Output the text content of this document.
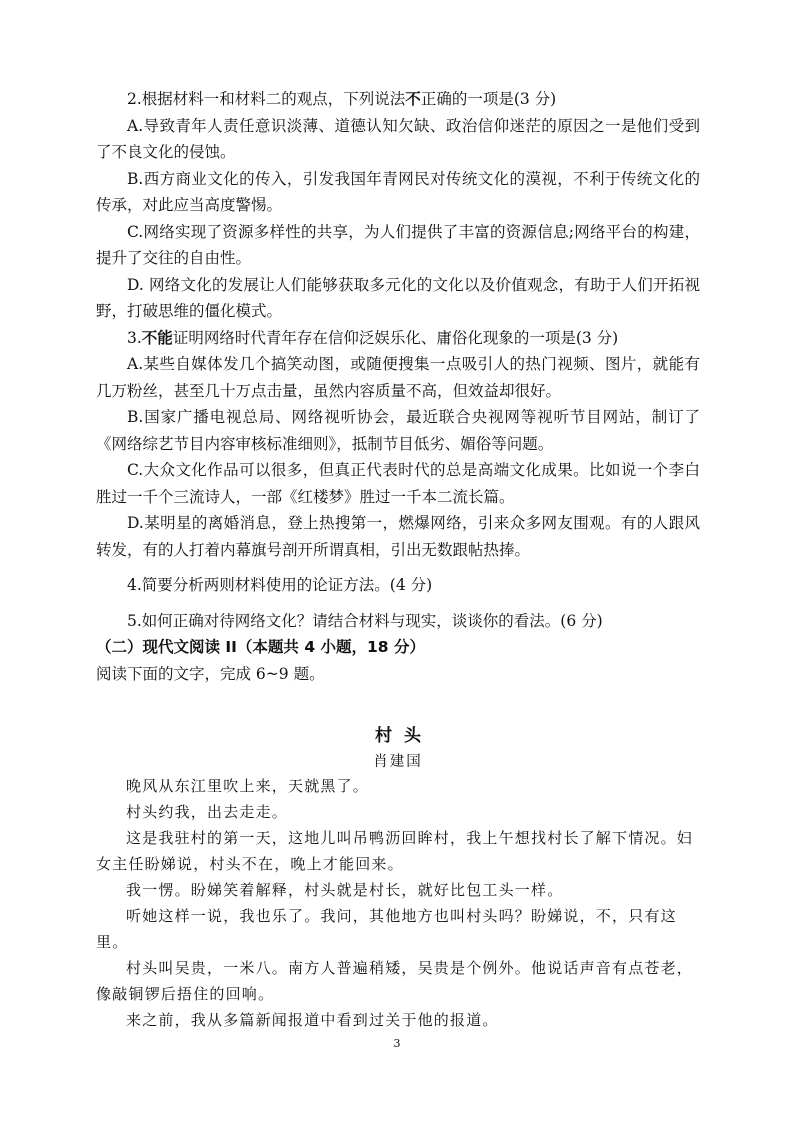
2.根据材料一和材料二的观点，下列说法不正确的一项是(3 分)

A.导致青年人责任意识淡薄、道德认知欠缺、政治信仰迷茫的原因之一是他们受到了不良文化的侵蚀。

B.西方商业文化的传入，引发我国年青网民对传统文化的漠视，不利于传统文化的传承，对此应当高度警惕。

C.网络实现了资源多样性的共享，为人们提供了丰富的资源信息;网络平台的构建，提升了交往的自由性。

D. 网络文化的发展让人们能够获取多元化的文化以及价值观念，有助于人们开拓视野，打破思维的僵化模式。

3.不能证明网络时代青年存在信仰泛娱乐化、庸俗化现象的一项是(3 分)

A.某些自媒体发几个搞笑动图，或随便搜集一点吸引人的热门视频、图片，就能有几万粉丝，甚至几十万点击量，虽然内容质量不高，但效益却很好。

B.国家广播电视总局、网络视听协会，最近联合央视网等视听节目网站，制订了《网络综艺节目内容审核标准细则》，抵制节目低劣、媚俗等问题。

C.大众文化作品可以很多，但真正代表时代的总是高端文化成果。比如说一个李白胜过一千个三流诗人，一部《红楼梦》胜过一千本二流长篇。

D.某明星的离婚消息，登上热搜第一，燃爆网络，引来众多网友围观。有的人跟风转发，有的人打着内幕旗号剖开所谓真相，引出无数跟帖热捧。

4.简要分析两则材料使用的论证方法。(4 分)

5.如何正确对待网络文化？请结合材料与现实，谈谈你的看法。(6 分)

（二）现代文阅读 II（本题共 4 小题，18 分）

阅读下面的文字，完成 6~9 题。

村头

肖建国

晚风从东江里吹上来，天就黑了。

村头约我，出去走走。

这是我驻村的第一天，这地儿叫吊鸭沥回眸村，我上午想找村长了解下情况。妇女主任盼娣说，村头不在，晚上才能回来。

我一愣。盼娣笑着解释，村头就是村长，就好比包工头一样。

听她这样一说，我也乐了。我问，其他地方也叫村头吗？盼娣说，不，只有这里。

村头叫吴贵，一米八。南方人普遍稍矮，吴贵是个例外。他说话声音有点苍老，像敲铜锣后捂住的回响。

来之前，我从多篇新闻报道中看到过关于他的报道。

3
